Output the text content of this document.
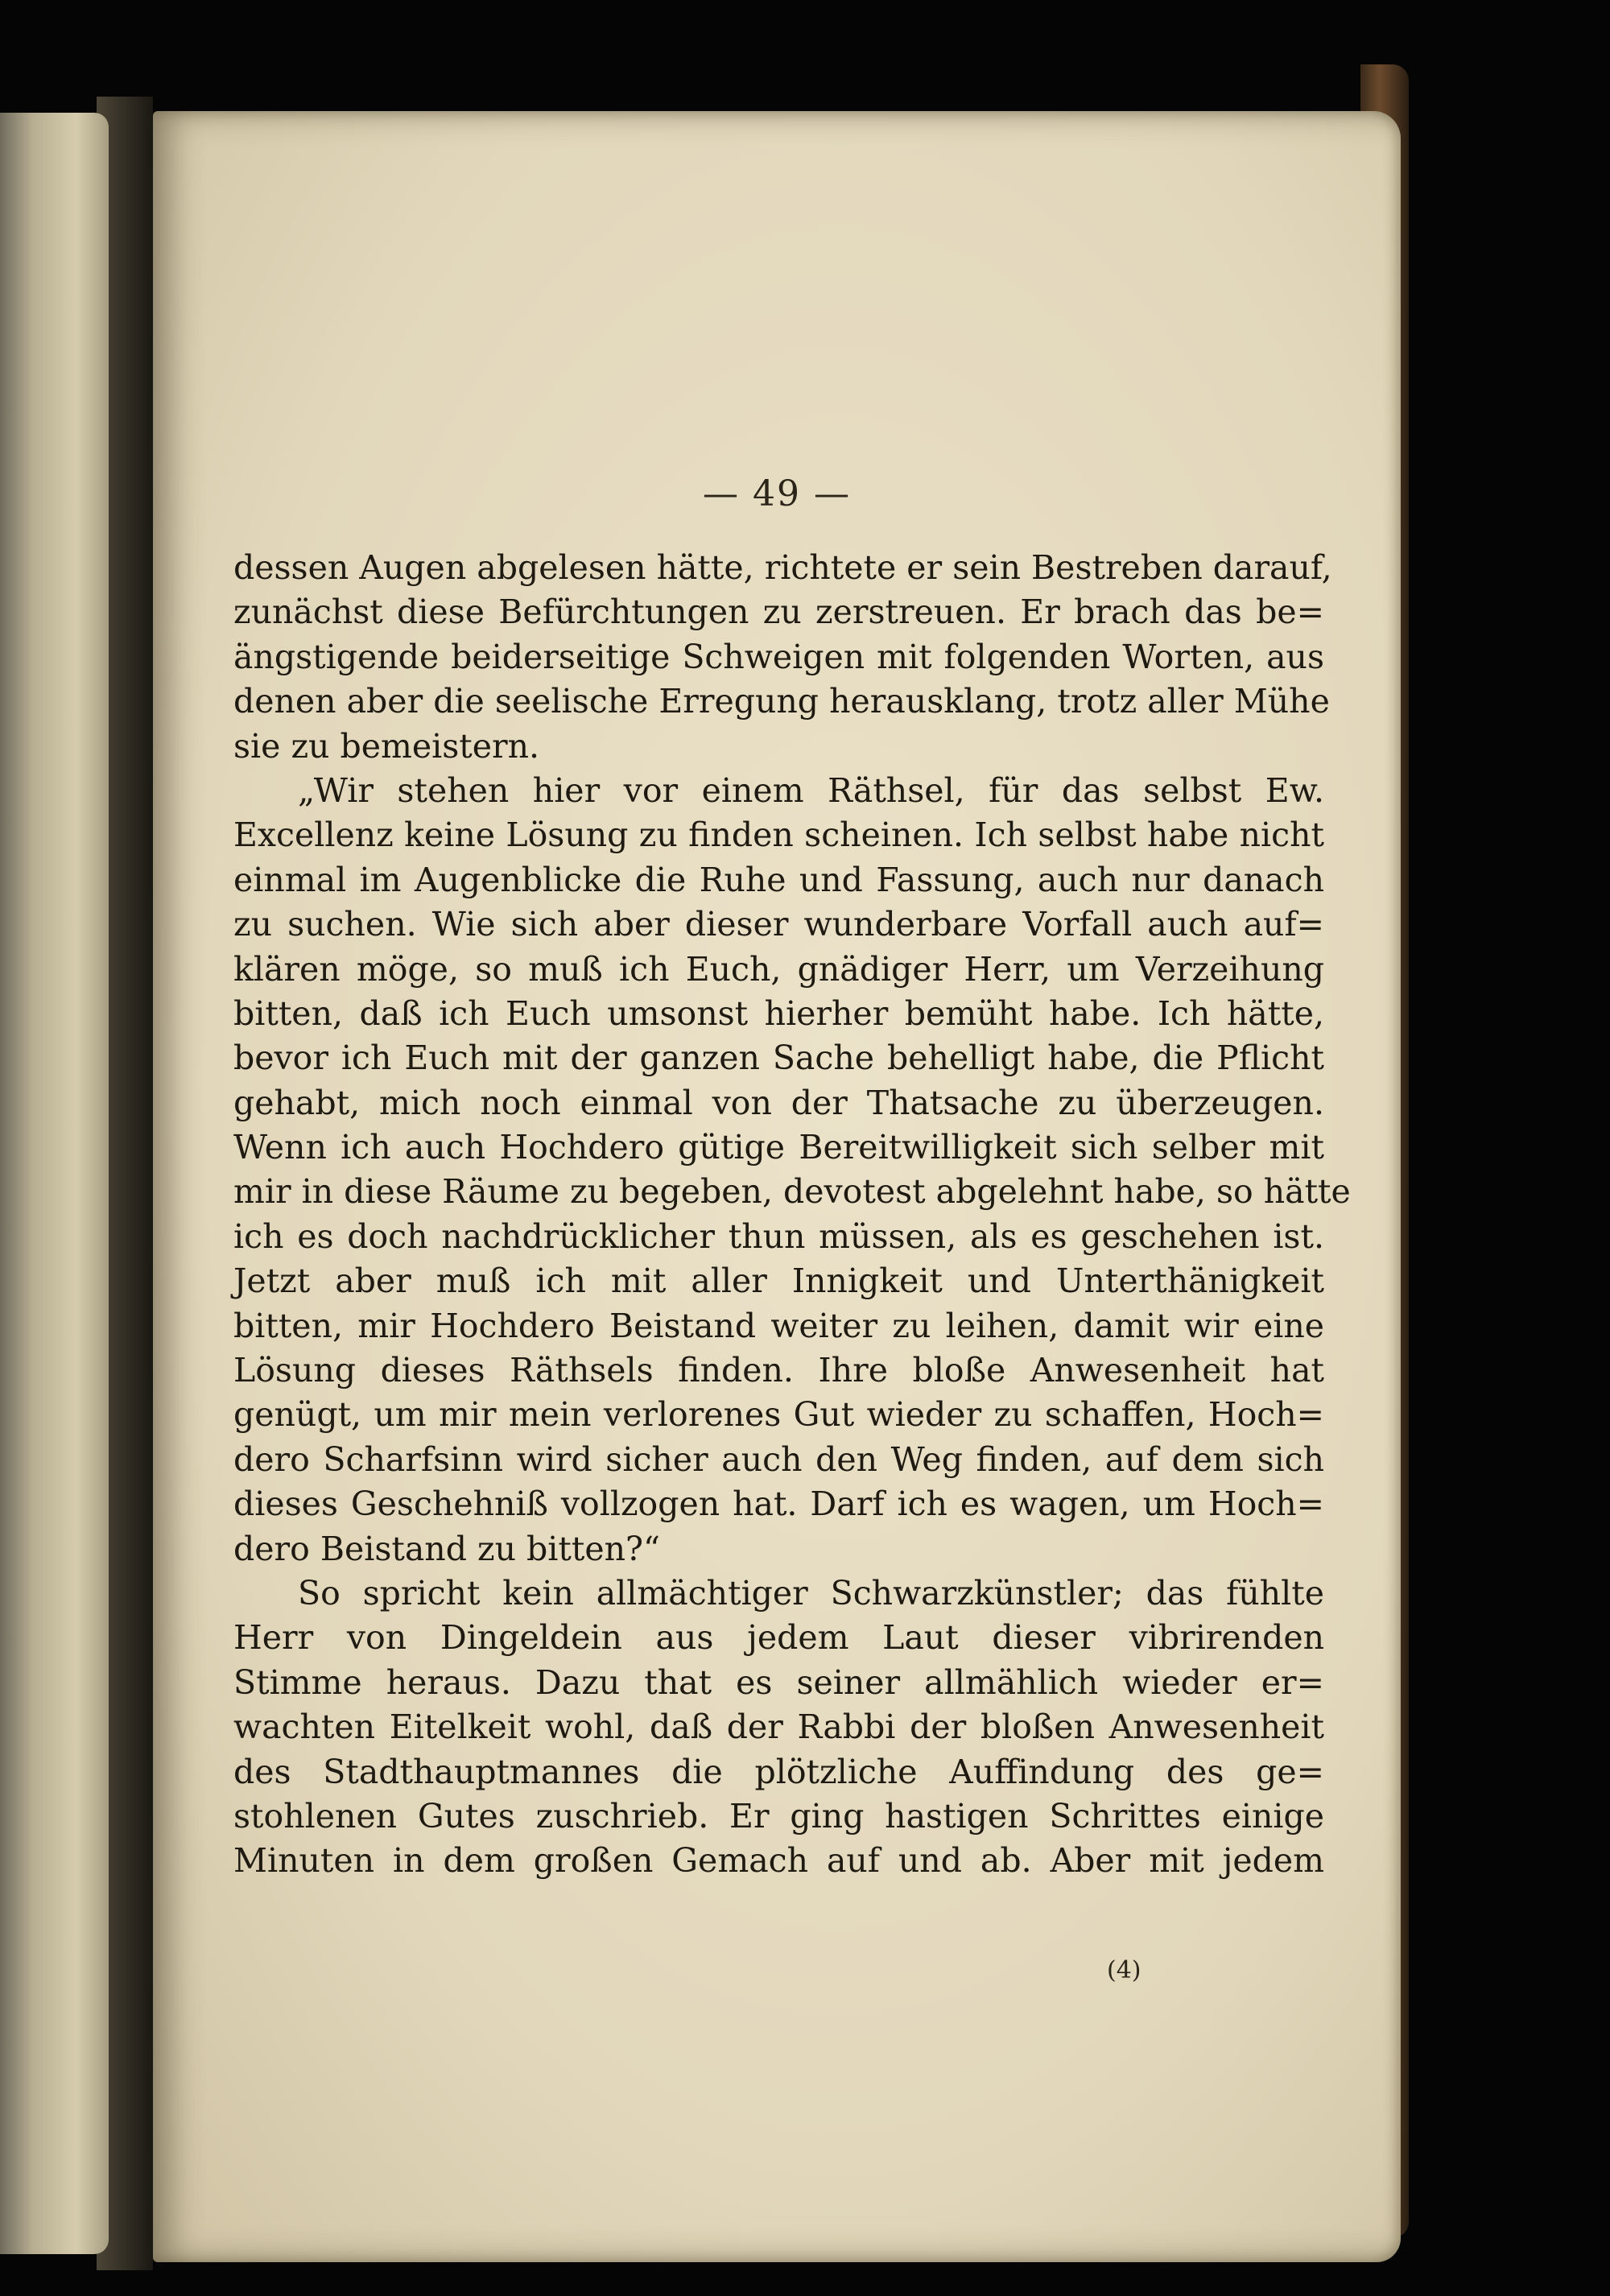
— 49 —
dessen Augen abgelesen hätte, richtete er sein Bestreben darauf,
zunächst diese Befürchtungen zu zerstreuen. Er brach das be=
ängstigende beiderseitige Schweigen mit folgenden Worten, aus
denen aber die seelische Erregung herausklang, trotz aller Mühe
sie zu bemeistern.
„Wir stehen hier vor einem Räthsel, für das selbst Ew.
Excellenz keine Lösung zu finden scheinen. Ich selbst habe nicht
einmal im Augenblicke die Ruhe und Fassung, auch nur danach
zu suchen. Wie sich aber dieser wunderbare Vorfall auch auf=
klären möge, so muß ich Euch, gnädiger Herr, um Verzeihung
bitten, daß ich Euch umsonst hierher bemüht habe. Ich hätte,
bevor ich Euch mit der ganzen Sache behelligt habe, die Pflicht
gehabt, mich noch einmal von der Thatsache zu überzeugen.
Wenn ich auch Hochdero gütige Bereitwilligkeit sich selber mit
mir in diese Räume zu begeben, devotest abgelehnt habe, so hätte
ich es doch nachdrücklicher thun müssen, als es geschehen ist.
Jetzt aber muß ich mit aller Innigkeit und Unterthänigkeit
bitten, mir Hochdero Beistand weiter zu leihen, damit wir eine
Lösung dieses Räthsels finden. Ihre bloße Anwesenheit hat
genügt, um mir mein verlorenes Gut wieder zu schaffen, Hoch=
dero Scharfsinn wird sicher auch den Weg finden, auf dem sich
dieses Geschehniß vollzogen hat. Darf ich es wagen, um Hoch=
dero Beistand zu bitten?“
So spricht kein allmächtiger Schwarzkünstler; das fühlte
Herr von Dingeldein aus jedem Laut dieser vibrirenden
Stimme heraus. Dazu that es seiner allmählich wieder er=
wachten Eitelkeit wohl, daß der Rabbi der bloßen Anwesenheit
des Stadthauptmannes die plötzliche Auffindung des ge=
stohlenen Gutes zuschrieb. Er ging hastigen Schrittes einige
Minuten in dem großen Gemach auf und ab. Aber mit jedem
(4)
